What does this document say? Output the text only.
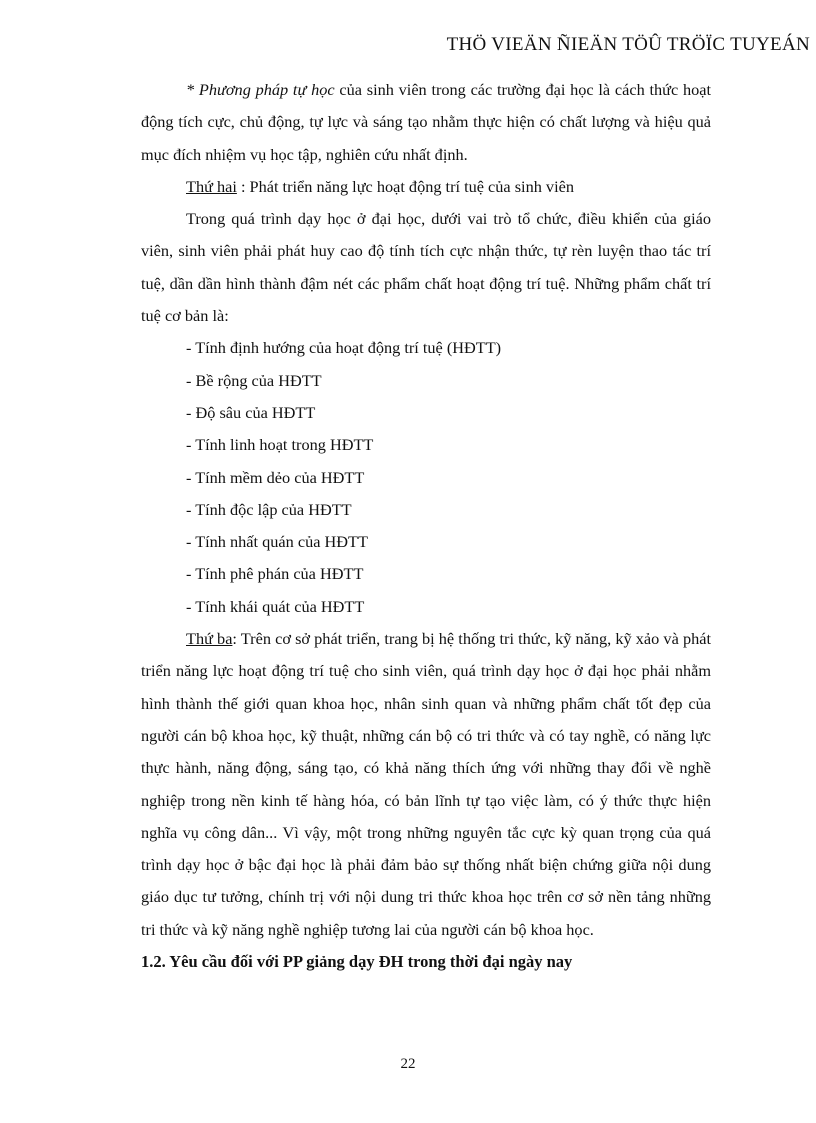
THÖ VIEÄN ÑIEÄN TÖÛ TRÖÏC TUYEÁN

* Phương pháp tự học của sinh viên trong các trường đại học là cách thức hoạt động tích cực, chủ động, tự lực và sáng tạo nhằm thực hiện có chất lượng và hiệu quả mục đích nhiệm vụ học tập, nghiên cứu nhất định.

Thứ hai : Phát triển năng lực hoạt động trí tuệ của sinh viên

Trong quá trình dạy học ở đại học, dưới vai trò tổ chức, điều khiển của giáo viên, sinh viên phải phát huy cao độ tính tích cực nhận thức, tự rèn luyện thao tác trí tuệ, dần dần hình thành đậm nét các phẩm chất hoạt động trí tuệ. Những phẩm chất trí tuệ cơ bản là:

- Tính định hướng của hoạt động trí tuệ (HĐTT)

- Bề rộng của HĐTT

- Độ sâu của HĐTT

- Tính linh hoạt trong HĐTT

- Tính mềm dẻo của HĐTT

- Tính độc lập của HĐTT

- Tính nhất quán của HĐTT

- Tính phê phán của HĐTT

- Tính khái quát của HĐTT

Thứ ba: Trên cơ sở phát triển, trang bị hệ thống tri thức, kỹ năng, kỹ xảo và phát triển năng lực hoạt động trí tuệ cho sinh viên, quá trình dạy học ở đại học phải nhằm hình thành thế giới quan khoa học, nhân sinh quan và những phẩm chất tốt đẹp của người cán bộ khoa học, kỹ thuật, những cán bộ có tri thức và có tay nghề, có năng lực thực hành, năng động, sáng tạo, có khả năng thích ứng với những thay đổi về nghề nghiệp trong nền kinh tế hàng hóa, có bản lĩnh tự tạo việc làm, có ý thức thực hiện nghĩa vụ công dân... Vì vậy, một trong những nguyên tắc cực kỳ quan trọng của quá trình dạy học ở bậc đại học là phải đảm bảo sự thống nhất biện chứng giữa nội dung giáo dục tư tưởng, chính trị với nội dung tri thức khoa học trên cơ sở nền tảng những tri thức và kỹ năng nghề nghiệp tương lai của người cán bộ khoa học.

1.2. Yêu cầu đối với PP giảng dạy ĐH trong thời đại ngày nay

22
